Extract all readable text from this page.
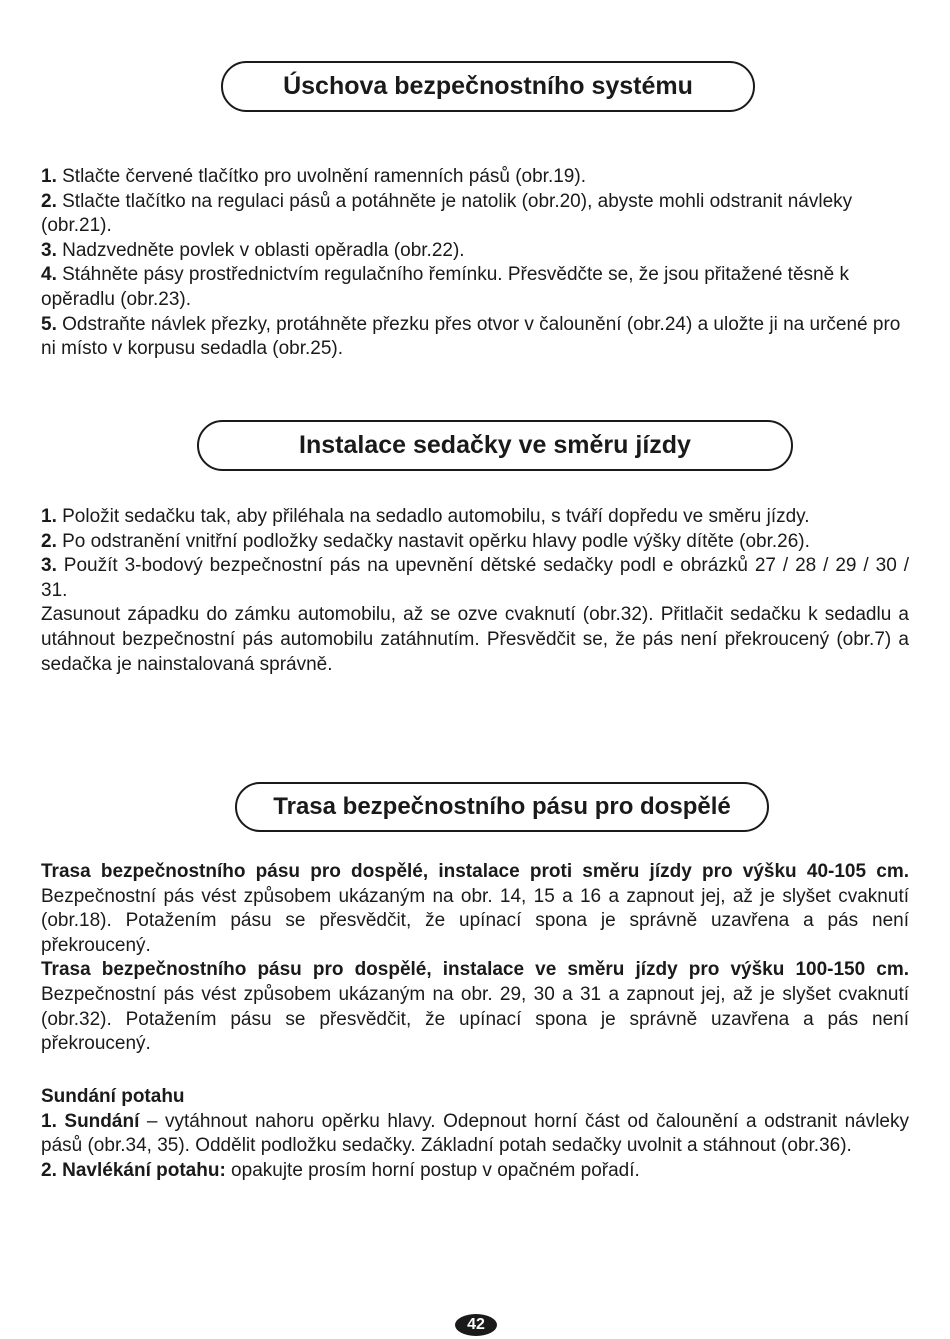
Úschova bezpečnostního systému

1. Stlačte červené tlačítko pro uvolnění ramenních pásů (obr.19).

2. Stlačte tlačítko na regulaci pásů a potáhněte je natolik (obr.20), abyste mohli odstranit návleky (obr.21).

3. Nadzvedněte povlek v oblasti opěradla (obr.22).

4. Stáhněte pásy prostřednictvím regulačního řemínku. Přesvědčte se, že jsou přitažené těsně k opěradlu (obr.23).

5. Odstraňte návlek přezky, protáhněte přezku přes otvor v čalounění (obr.24) a uložte ji na určené pro ni místo v korpusu sedadla (obr.25).

Instalace sedačky ve směru jízdy

1. Položit sedačku tak, aby přiléhala na sedadlo automobilu, s tváří dopředu ve směru jízdy.

2. Po odstranění vnitřní podložky sedačky nastavit opěrku hlavy podle výšky dítěte (obr.26).

3. Použít 3-bodový bezpečnostní pás na upevnění dětské sedačky podl e obrázků 27 / 28 / 29 / 30 / 31.

Zasunout západku do zámku automobilu, až se ozve cvaknutí (obr.32). Přitlačit sedačku k sedadlu a utáhnout bezpečnostní pás automobilu zatáhnutím. Přesvědčit se, že pás není překroucený (obr.7) a sedačka je nainstalovaná správně.

Trasa bezpečnostního pásu pro dospělé

Trasa bezpečnostního pásu pro dospělé, instalace proti směru jízdy pro výšku 40-105 cm. Bezpečnostní pás vést způsobem ukázaným na obr. 14, 15 a 16 a zapnout jej, až je slyšet cvaknutí (obr.18). Potažením pásu se přesvědčit, že upínací spona je správně uzavřena a pás není překroucený.

Trasa bezpečnostního pásu pro dospělé, instalace ve směru jízdy pro výšku 100-150 cm. Bezpečnostní pás vést způsobem ukázaným na obr. 29, 30 a 31 a zapnout jej, až je slyšet cvaknutí (obr.32). Potažením pásu se přesvědčit, že upínací spona je správně uzavřena a pás není překroucený.

Sundání potahu

1. Sundání – vytáhnout nahoru opěrku hlavy. Odepnout horní část od čalounění a odstranit návleky pásů (obr.34, 35). Oddělit podložku sedačky. Základní potah sedačky uvolnit a stáhnout (obr.36).

2. Navlékání potahu: opakujte prosím horní postup v opačném pořadí.

42
